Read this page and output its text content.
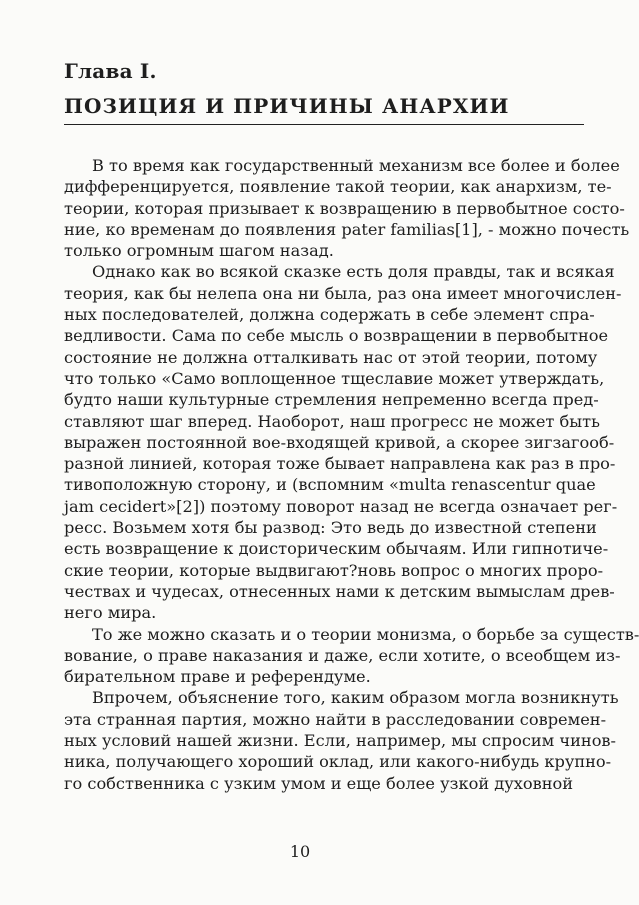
Глава I.
ПОЗИЦИЯ И ПРИЧИНЫ АНАРХИИ
В то время как государственный механизм все более и более
дифференцируется, появление такой теории, как анархизм, те-
теории, которая призывает к возвращению в первобытное состо-
ние, ко временам до появления pater familias[1], - можно почесть
только огромным шагом назад.
Однако как во всякой сказке есть доля правды, так и всякая
теория, как бы нелепа она ни была, раз она имеет многочислен-
ных последователей, должна содержать в себе элемент спра-
ведливости. Сама по себе мысль о возвращении в первобытное
состояние не должна отталкивать нас от этой теории, потому
что только «Само воплощенное тщеславие может утверждать,
будто наши культурные стремления непременно всегда пред-
ставляют шаг вперед. Наоборот, наш прогресс не может быть
выражен постоянной вое-входящей кривой, а скорее зигзагооб-
разной линией, которая тоже бывает направлена как раз в про-
тивоположную сторону, и (вспомним «multa renascentur quae
jam cecidert»[2]) поэтому поворот назад не всегда означает рег-
ресс. Возьмем хотя бы развод: Это ведь до известной степени
есть возвращение к доисторическим обычаям. Или гипнотиче-
ские теории, которые выдвигают?новь вопрос о многих проро-
чествах и чудесах, отнесенных нами к детским вымыслам древ-
него мира.
То же можно сказать и о теории монизма, о борьбе за существ-
вование, о праве наказания и даже, если хотите, о всеобщем из-
бирательном праве и референдуме.
Впрочем, объяснение того, каким образом могла возникнуть
эта странная партия, можно найти в расследовании современ-
ных условий нашей жизни. Если, например, мы спросим чинов-
ника, получающего хороший оклад, или какого-нибудь крупно-
го собственника с узким умом и еще более узкой духовной
10
